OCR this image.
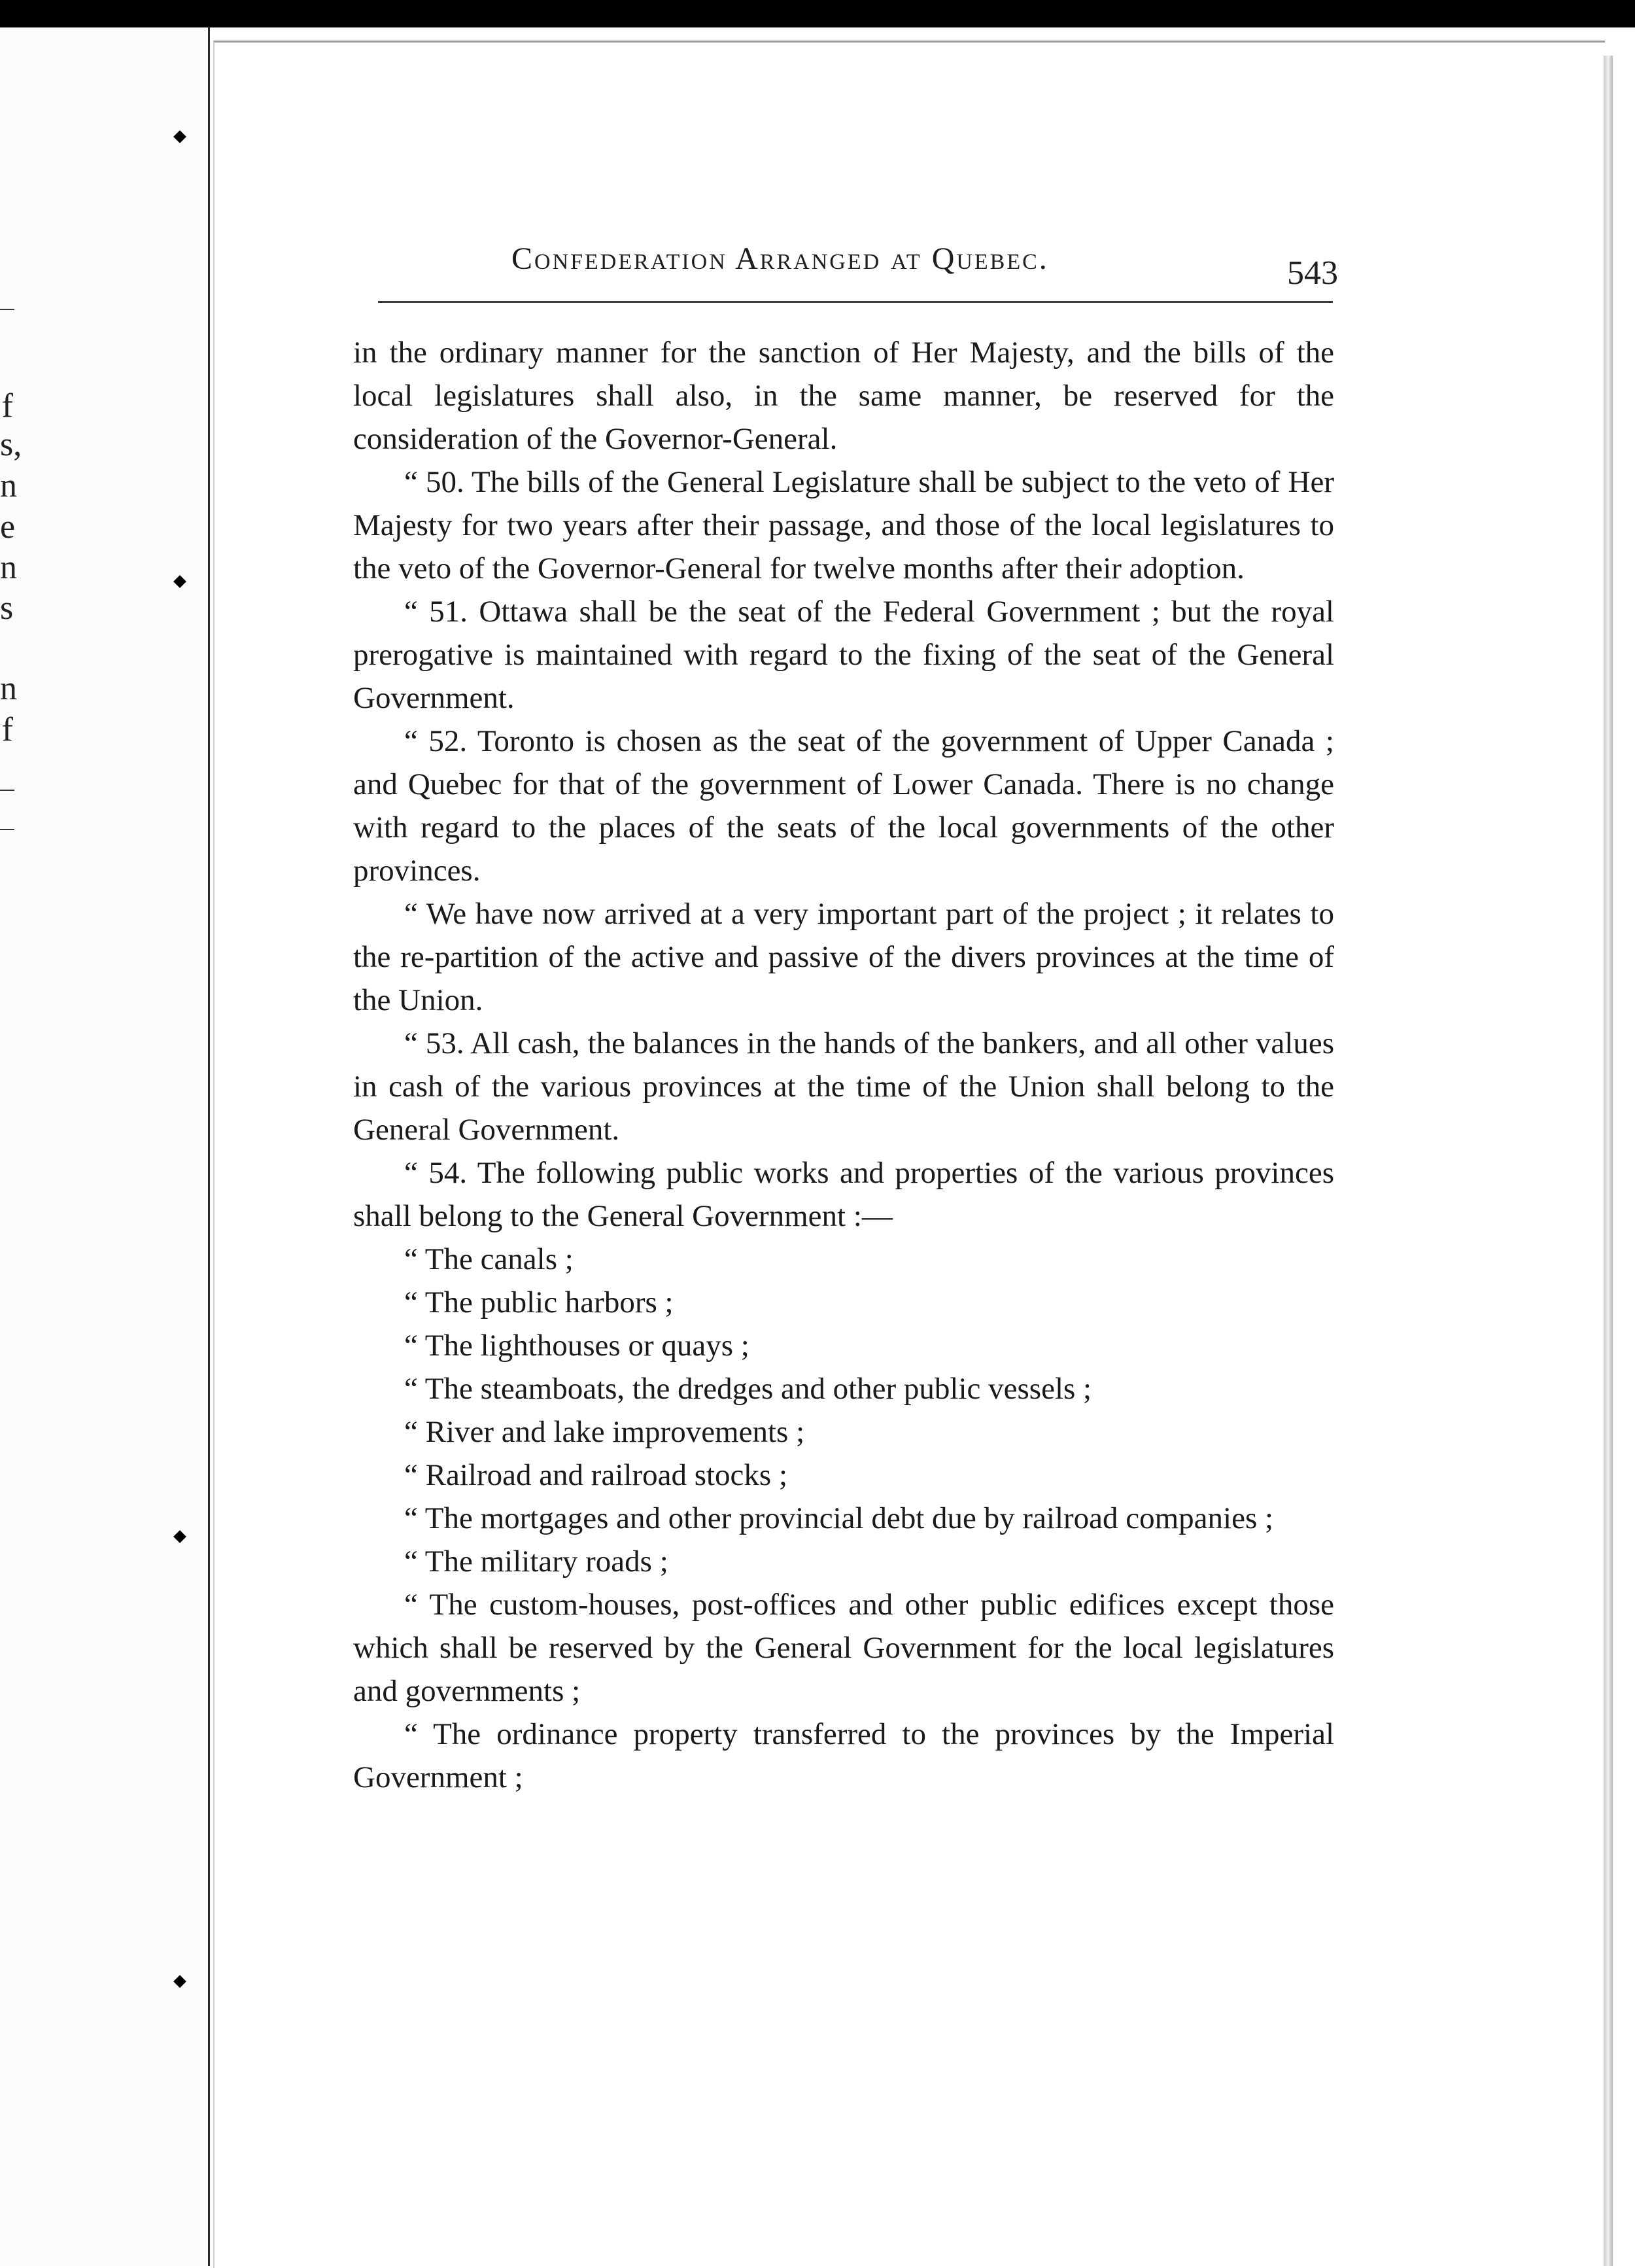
f
s,
n
e
n
s
n
f
Confederation Arranged at Quebec.	543

in the ordinary manner for the sanction of Her Majesty, and the bills of the local legislatures shall also, in the same manner, be reserved for the consideration of the Governor-General.

“ 50. The bills of the General Legislature shall be subject to the veto of Her Majesty for two years after their passage, and those of the local legislatures to the veto of the Governor-General for twelve months after their adoption.

“ 51. Ottawa shall be the seat of the Federal Government ; but the royal prerogative is maintained with regard to the fixing of the seat of the General Government.

“ 52. Toronto is chosen as the seat of the government of Upper Canada ; and Quebec for that of the government of Lower Canada. There is no change with regard to the places of the seats of the local governments of the other provinces.

“ We have now arrived at a very important part of the project ; it relates to the re-partition of the active and passive of the divers provinces at the time of the Union.

“ 53. All cash, the balances in the hands of the bankers, and all other values in cash of the various provinces at the time of the Union shall belong to the General Government.

“ 54. The following public works and properties of the various provinces shall belong to the General Government :—

“ The canals ;

“ The public harbors ;

“ The lighthouses or quays ;

“ The steamboats, the dredges and other public vessels ;

“ River and lake improvements ;

“ Railroad and railroad stocks ;

“ The mortgages and other provincial debt due by railroad companies ;

“ The military roads ;

“ The custom-houses, post-offices and other public edifices except those which shall be reserved by the General Government for the local legislatures and governments ;

“ The ordinance property transferred to the provinces by the Imperial Government ;
